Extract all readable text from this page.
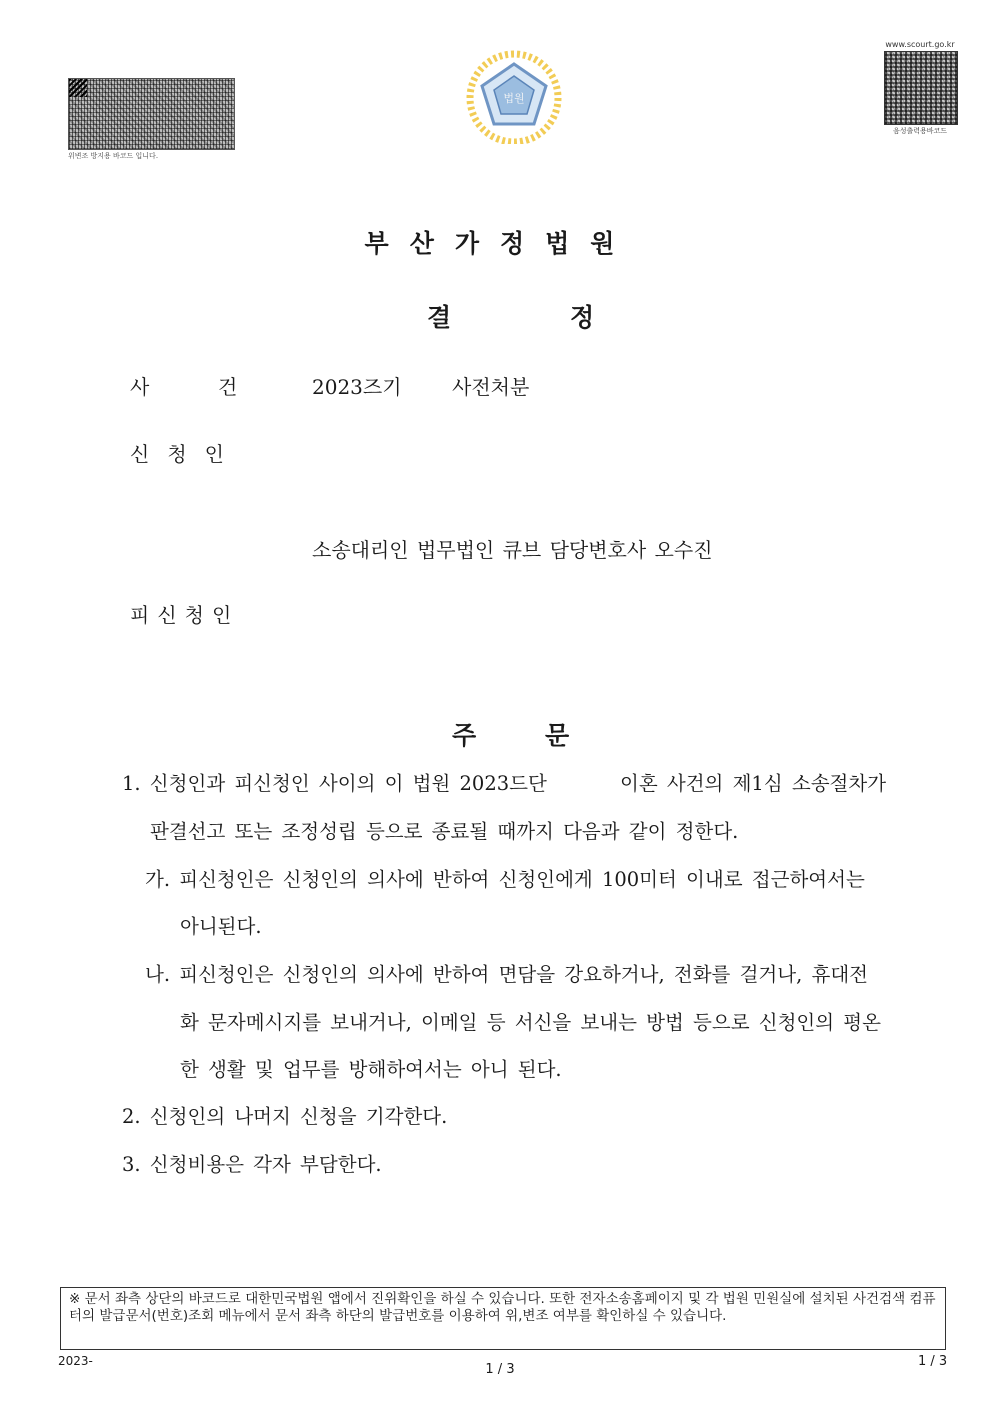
위변조 방지용 바코드 입니다.
법원
www.scourt.go.kr
음성출력용바코드
부산가정법원
결	정
사	건	2023즈기	사전처분
신청인
소송대리인 법무법인 큐브 담당변호사 오수진
피신청인
주	문
1. 신청인과 피신청인 사이의 이 법원 2023드단	이혼 사건의 제1심 소송절차가
판결선고 또는 조정성립 등으로 종료될 때까지 다음과 같이 정한다.
가. 피신청인은 신청인의 의사에 반하여 신청인에게 100미터 이내로 접근하여서는
아니된다.
나. 피신청인은 신청인의 의사에 반하여 면담을 강요하거나, 전화를 걸거나, 휴대전
화 문자메시지를 보내거나, 이메일 등 서신을 보내는 방법 등으로 신청인의 평온
한 생활 및 업무를 방해하여서는 아니 된다.
2. 신청인의 나머지 신청을 기각한다.
3. 신청비용은 각자 부담한다.
※ 문서 좌측 상단의 바코드로 대한민국법원 앱에서 진위확인을 하실 수 있습니다. 또한 전자소송홈페이지 및 각 법원 민원실에 설치된 사건검색 컴퓨터의 발급문서(번호)조회 메뉴에서 문서 좌측 하단의 발급번호를 이용하여 위,변조 여부를 확인하실 수 있습니다.
2023-
1 / 3
1 / 3
